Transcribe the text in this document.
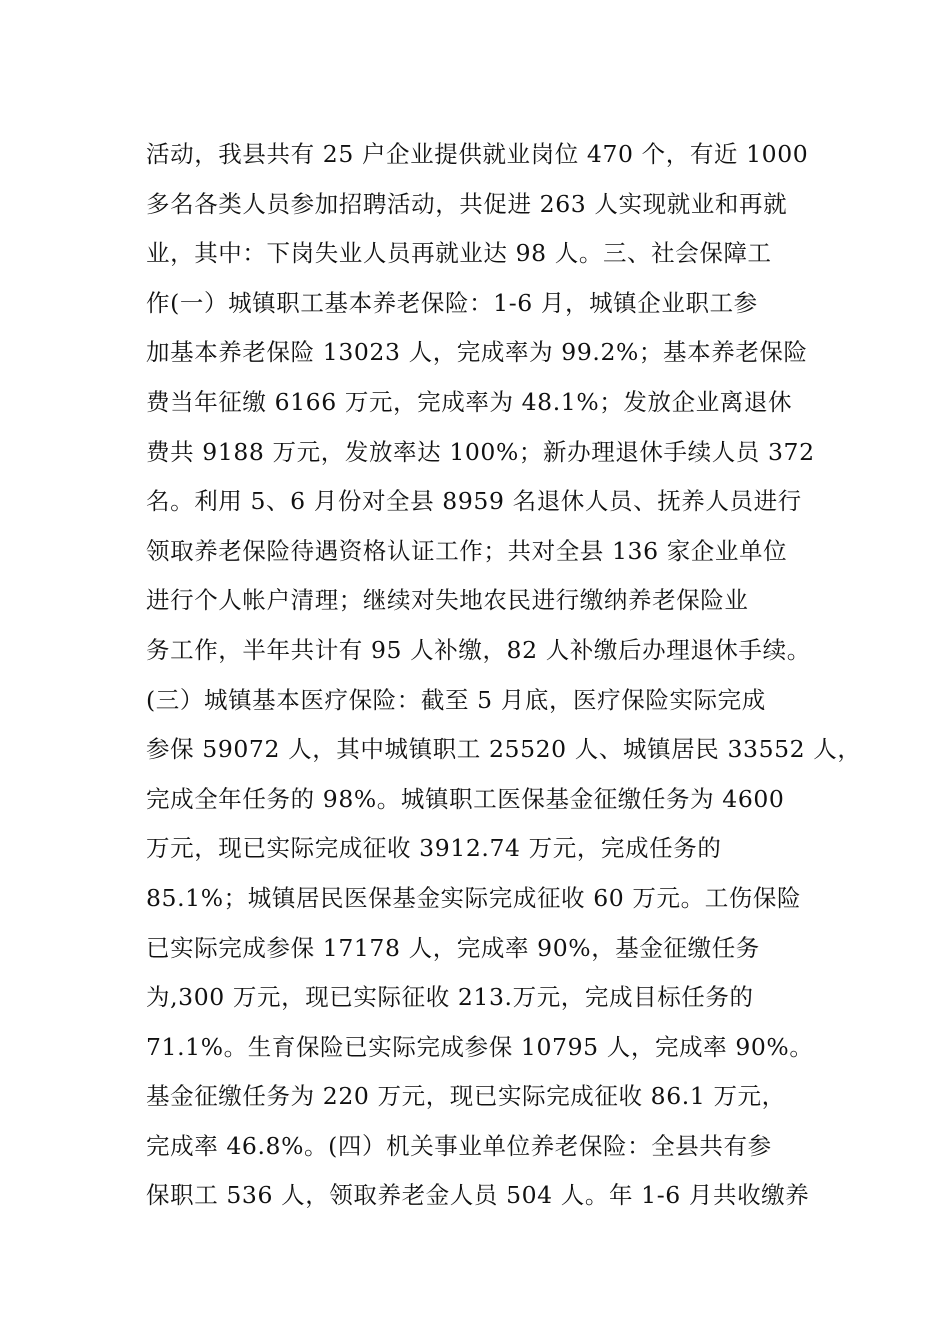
活动，我县共有 25 户企业提供就业岗位 470 个，有近 1000
多名各类人员参加招聘活动，共促进 263 人实现就业和再就
业，其中：下岗失业人员再就业达 98 人。三、社会保障工
作(一）城镇职工基本养老保险：1-6 月，城镇企业职工参
加基本养老保险 13023 人，完成率为 99.2%；基本养老保险
费当年征缴 6166 万元，完成率为 48.1%；发放企业离退休
费共 9188 万元，发放率达 100%；新办理退休手续人员 372
名。利用 5、6 月份对全县 8959 名退休人员、抚养人员进行
领取养老保险待遇资格认证工作；共对全县 136 家企业单位
进行个人帐户清理；继续对失地农民进行缴纳养老保险业
务工作，半年共计有 95 人补缴，82 人补缴后办理退休手续。
(三）城镇基本医疗保险：截至 5 月底，医疗保险实际完成
参保 59072 人，其中城镇职工 25520 人、城镇居民 33552 人，
完成全年任务的 98%。城镇职工医保基金征缴任务为 4600
万元，现已实际完成征收 3912.74 万元，完成任务的
85.1%；城镇居民医保基金实际完成征收 60 万元。工伤保险
已实际完成参保 17178 人，完成率 90%，基金征缴任务
为,300 万元，现已实际征收 213.万元，完成目标任务的
71.1%。生育保险已实际完成参保 10795 人，完成率 90%。
基金征缴任务为 220 万元，现已实际完成征收 86.1 万元，
完成率 46.8%。(四）机关事业单位养老保险：全县共有参
保职工 536 人，领取养老金人员 504 人。年 1-6 月共收缴养
